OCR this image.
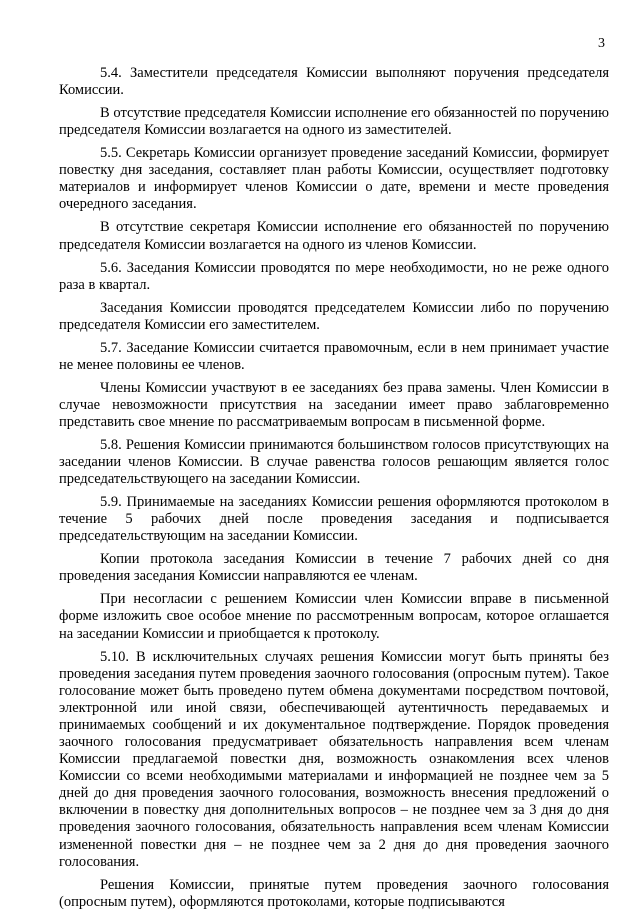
3

5.4. Заместители председателя Комиссии выполняют поручения председателя Комиссии.

В отсутствие председателя Комиссии исполнение его обязанностей по поручению председателя Комиссии возлагается на одного из заместителей.

5.5. Секретарь Комиссии организует проведение заседаний Комиссии, формирует повестку дня заседания, составляет план работы Комиссии, осуществляет подготовку материалов и информирует членов Комиссии о дате, времени и месте проведения очередного заседания.

В отсутствие секретаря Комиссии исполнение его обязанностей по поручению председателя Комиссии возлагается на одного из членов Комиссии.

5.6. Заседания Комиссии проводятся по мере необходимости, но не реже одного раза в квартал.

Заседания Комиссии проводятся председателем Комиссии либо по поручению председателя Комиссии его заместителем.

5.7. Заседание Комиссии считается правомочным, если в нем принимает участие не менее половины ее членов.

Члены Комиссии участвуют в ее заседаниях без права замены. Член Комиссии в случае невозможности присутствия на заседании имеет право заблаговременно представить свое мнение по рассматриваемым вопросам в письменной форме.

5.8. Решения Комиссии принимаются большинством голосов присутствующих на заседании членов Комиссии. В случае равенства голосов решающим является голос председательствующего на заседании Комиссии.

5.9. Принимаемые на заседаниях Комиссии решения оформляются протоколом в течение 5 рабочих дней после проведения заседания и подписывается председательствующим на заседании Комиссии.

Копии протокола заседания Комиссии в течение 7 рабочих дней со дня проведения заседания Комиссии направляются ее членам.

При несогласии с решением Комиссии член Комиссии вправе в письменной форме изложить свое особое мнение по рассмотренным вопросам, которое оглашается на заседании Комиссии и приобщается к протоколу.

5.10. В исключительных случаях решения Комиссии могут быть приняты без проведения заседания путем проведения заочного голосования (опросным путем). Такое голосование может быть проведено путем обмена документами посредством почтовой, электронной или иной связи, обеспечивающей аутентичность передаваемых и принимаемых сообщений и их документальное подтверждение. Порядок проведения заочного голосования предусматривает обязательность направления всем членам Комиссии предлагаемой повестки дня, возможность ознакомления всех членов Комиссии со всеми необходимыми материалами и информацией не позднее чем за 5 дней до дня проведения заочного голосования, возможность внесения предложений о включении в повестку дня дополнительных вопросов – не позднее чем за 3 дня до дня проведения заочного голосования, обязательность направления всем членам Комиссии измененной повестки дня – не позднее чем за 2 дня до дня проведения заочного голосования.

Решения Комиссии, принятые путем проведения заочного голосования (опросным путем), оформляются протоколами, которые подписываются
